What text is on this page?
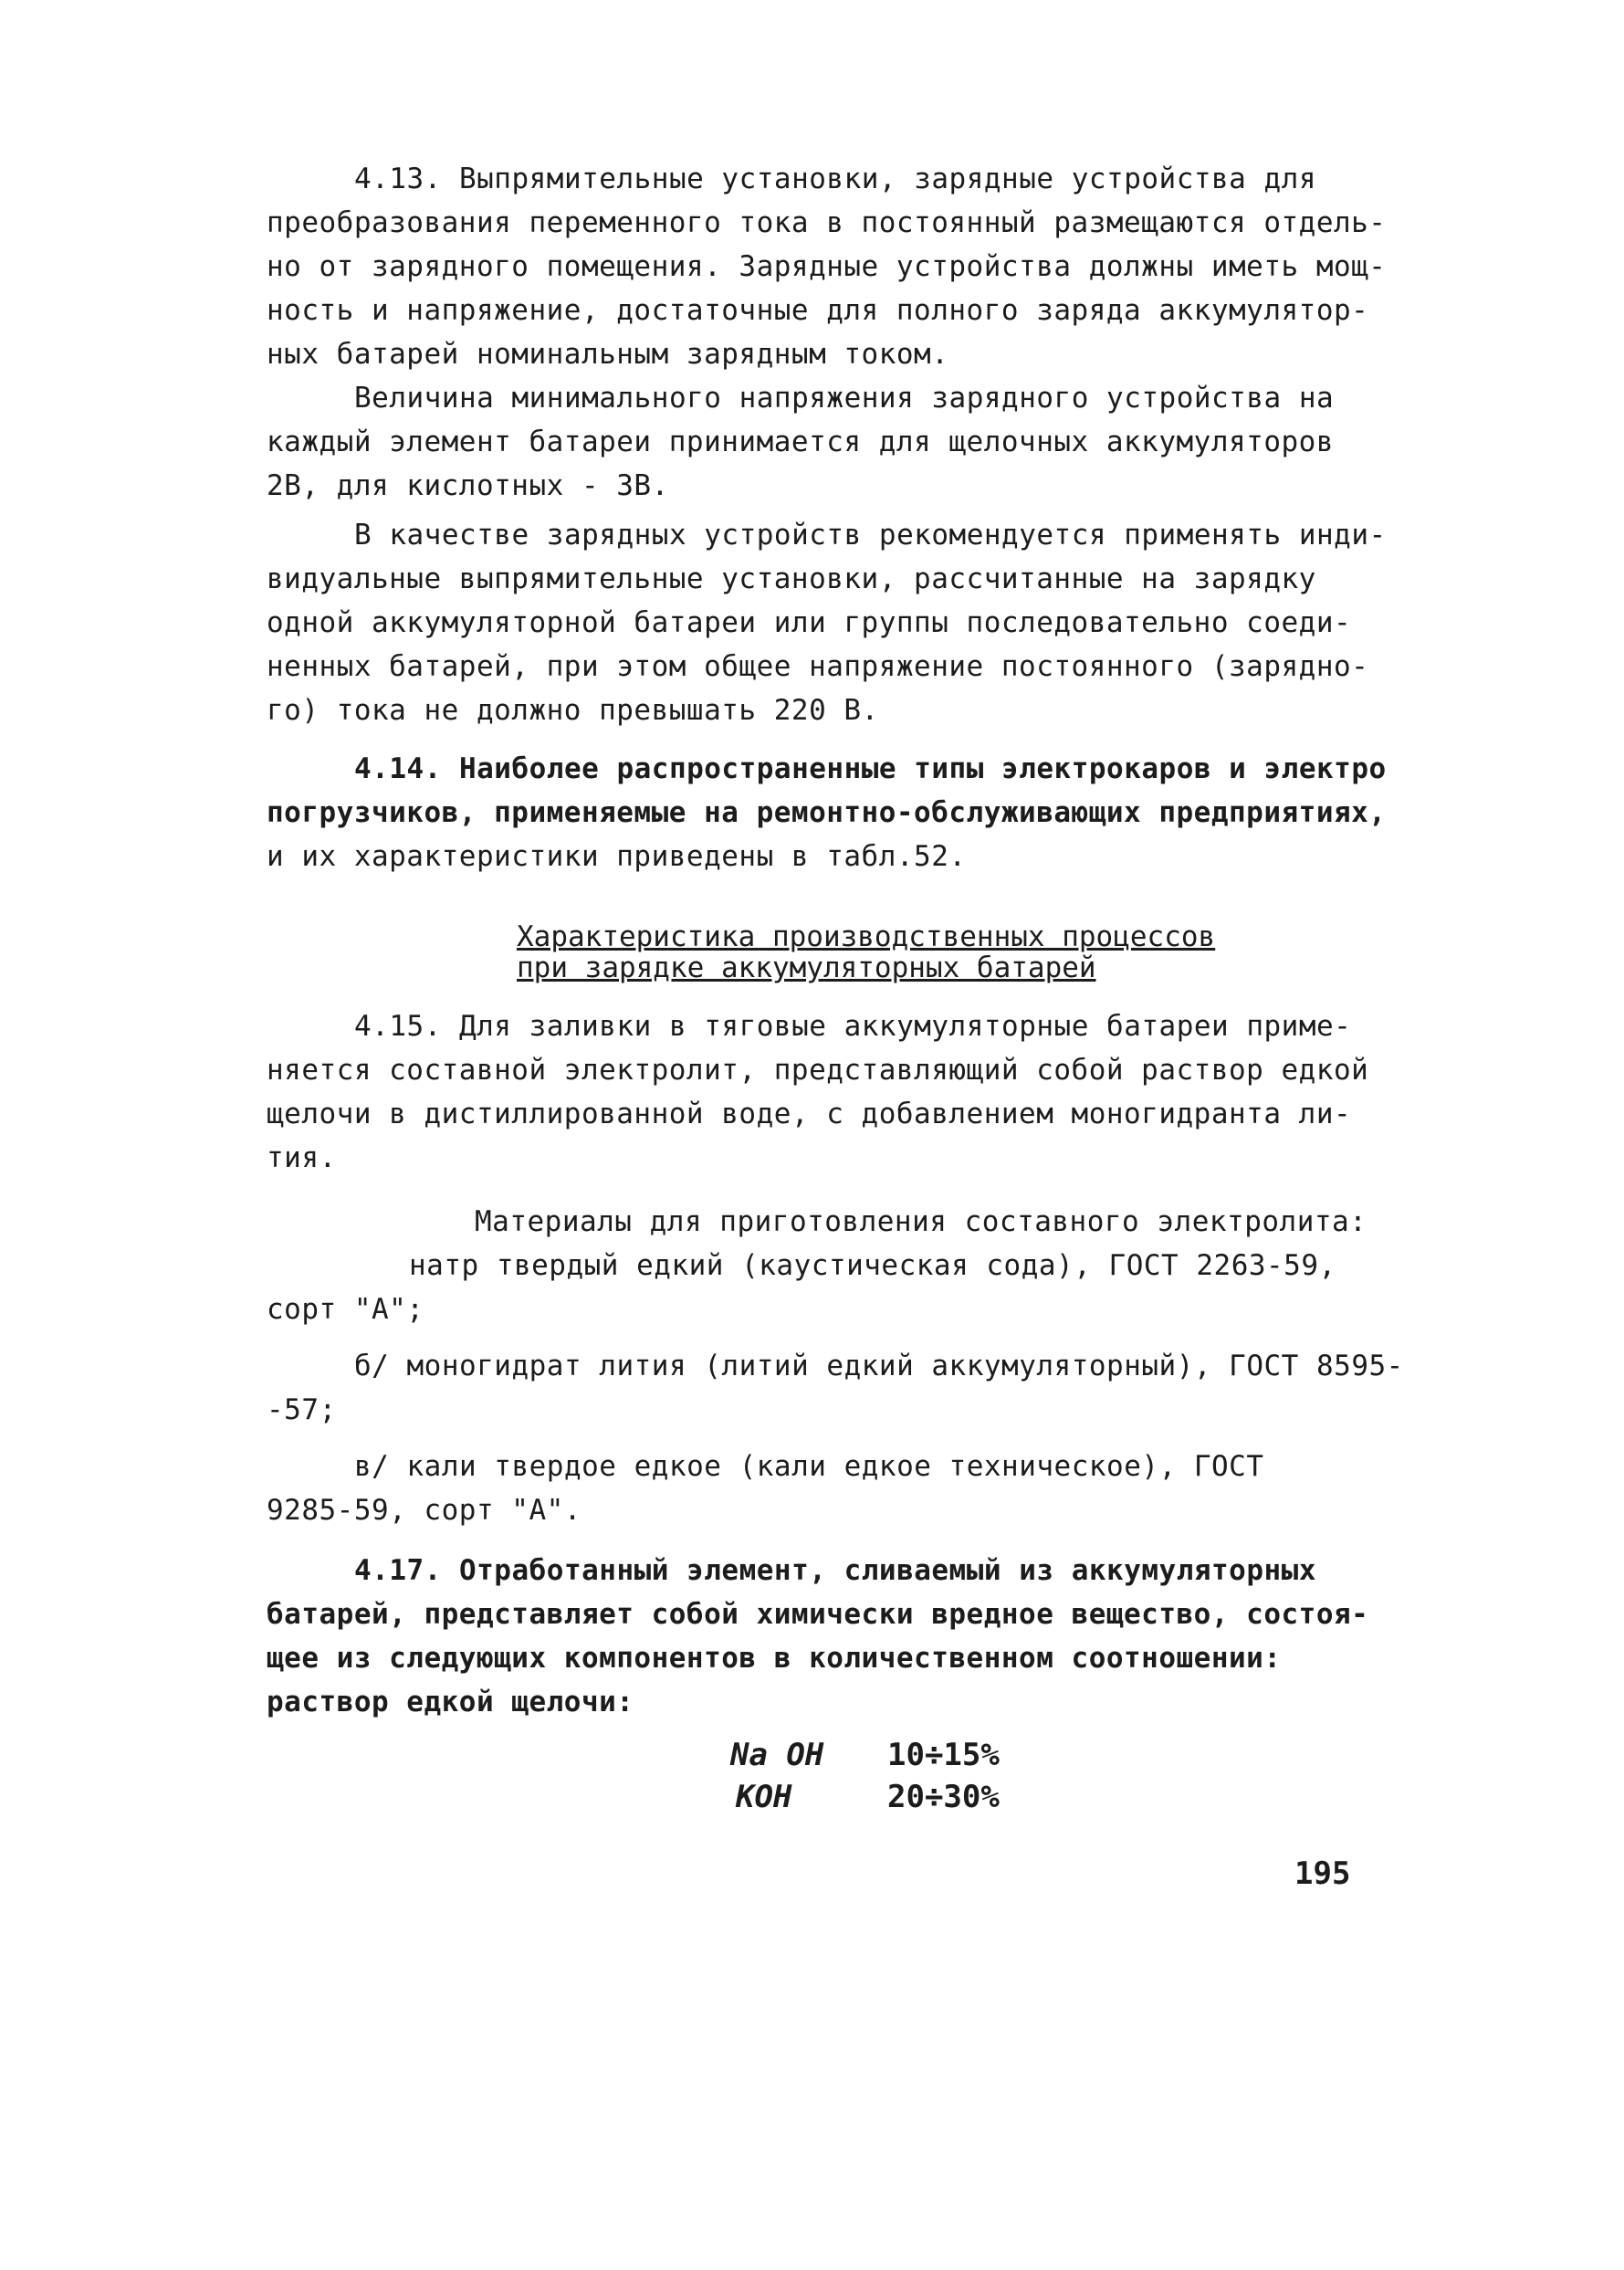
4.13. Выпрямительные установки, зарядные устройства для
преобразования переменного тока в постоянный размещаются отдель-
но от зарядного помещения. Зарядные устройства должны иметь мощ-
ность и напряжение, достаточные для полного заряда аккумулятор-
ных батарей номинальным зарядным током.
Величина минимального напряжения зарядного устройства на
каждый элемент батареи принимается для щелочных аккумуляторов
2В, для кислотных - 3В.
В качестве зарядных устройств рекомендуется применять инди-
видуальные выпрямительные установки, рассчитанные на зарядку
одной аккумуляторной батареи или группы последовательно соеди-
ненных батарей, при этом общее напряжение постоянного (зарядно-
го) тока не должно превышать 220 В.
4.14. Наиболее распространенные типы электрокаров и электро
погрузчиков, применяемые на ремонтно-обслуживающих предприятиях,
и их характеристики приведены в табл.52.
Характеристика производственных процессов
при зарядке аккумуляторных батарей
4.15. Для заливки в тяговые аккумуляторные батареи приме-
няется составной электролит, представляющий собой раствор едкой
щелочи в дистиллированной воде, с добавлением моногидранта ли-
тия.
Материалы для приготовления составного электролита:
натр твердый едкий (каустическая сода), ГОСТ 2263-59,
сорт "А";
б/ моногидрат лития (литий едкий аккумуляторный), ГОСТ 8595-
-57;
в/ кали твердое едкое (кали едкое техническое), ГОСТ
9285-59, сорт "А".
4.17. Отработанный элемент, сливаемый из аккумуляторных
батарей, представляет собой химически вредное вещество, состоя-
щее из следующих компонентов в количественном соотношении:
раствор едкой щелочи:
Na OH 10÷15%
KOH	20÷30%
195
